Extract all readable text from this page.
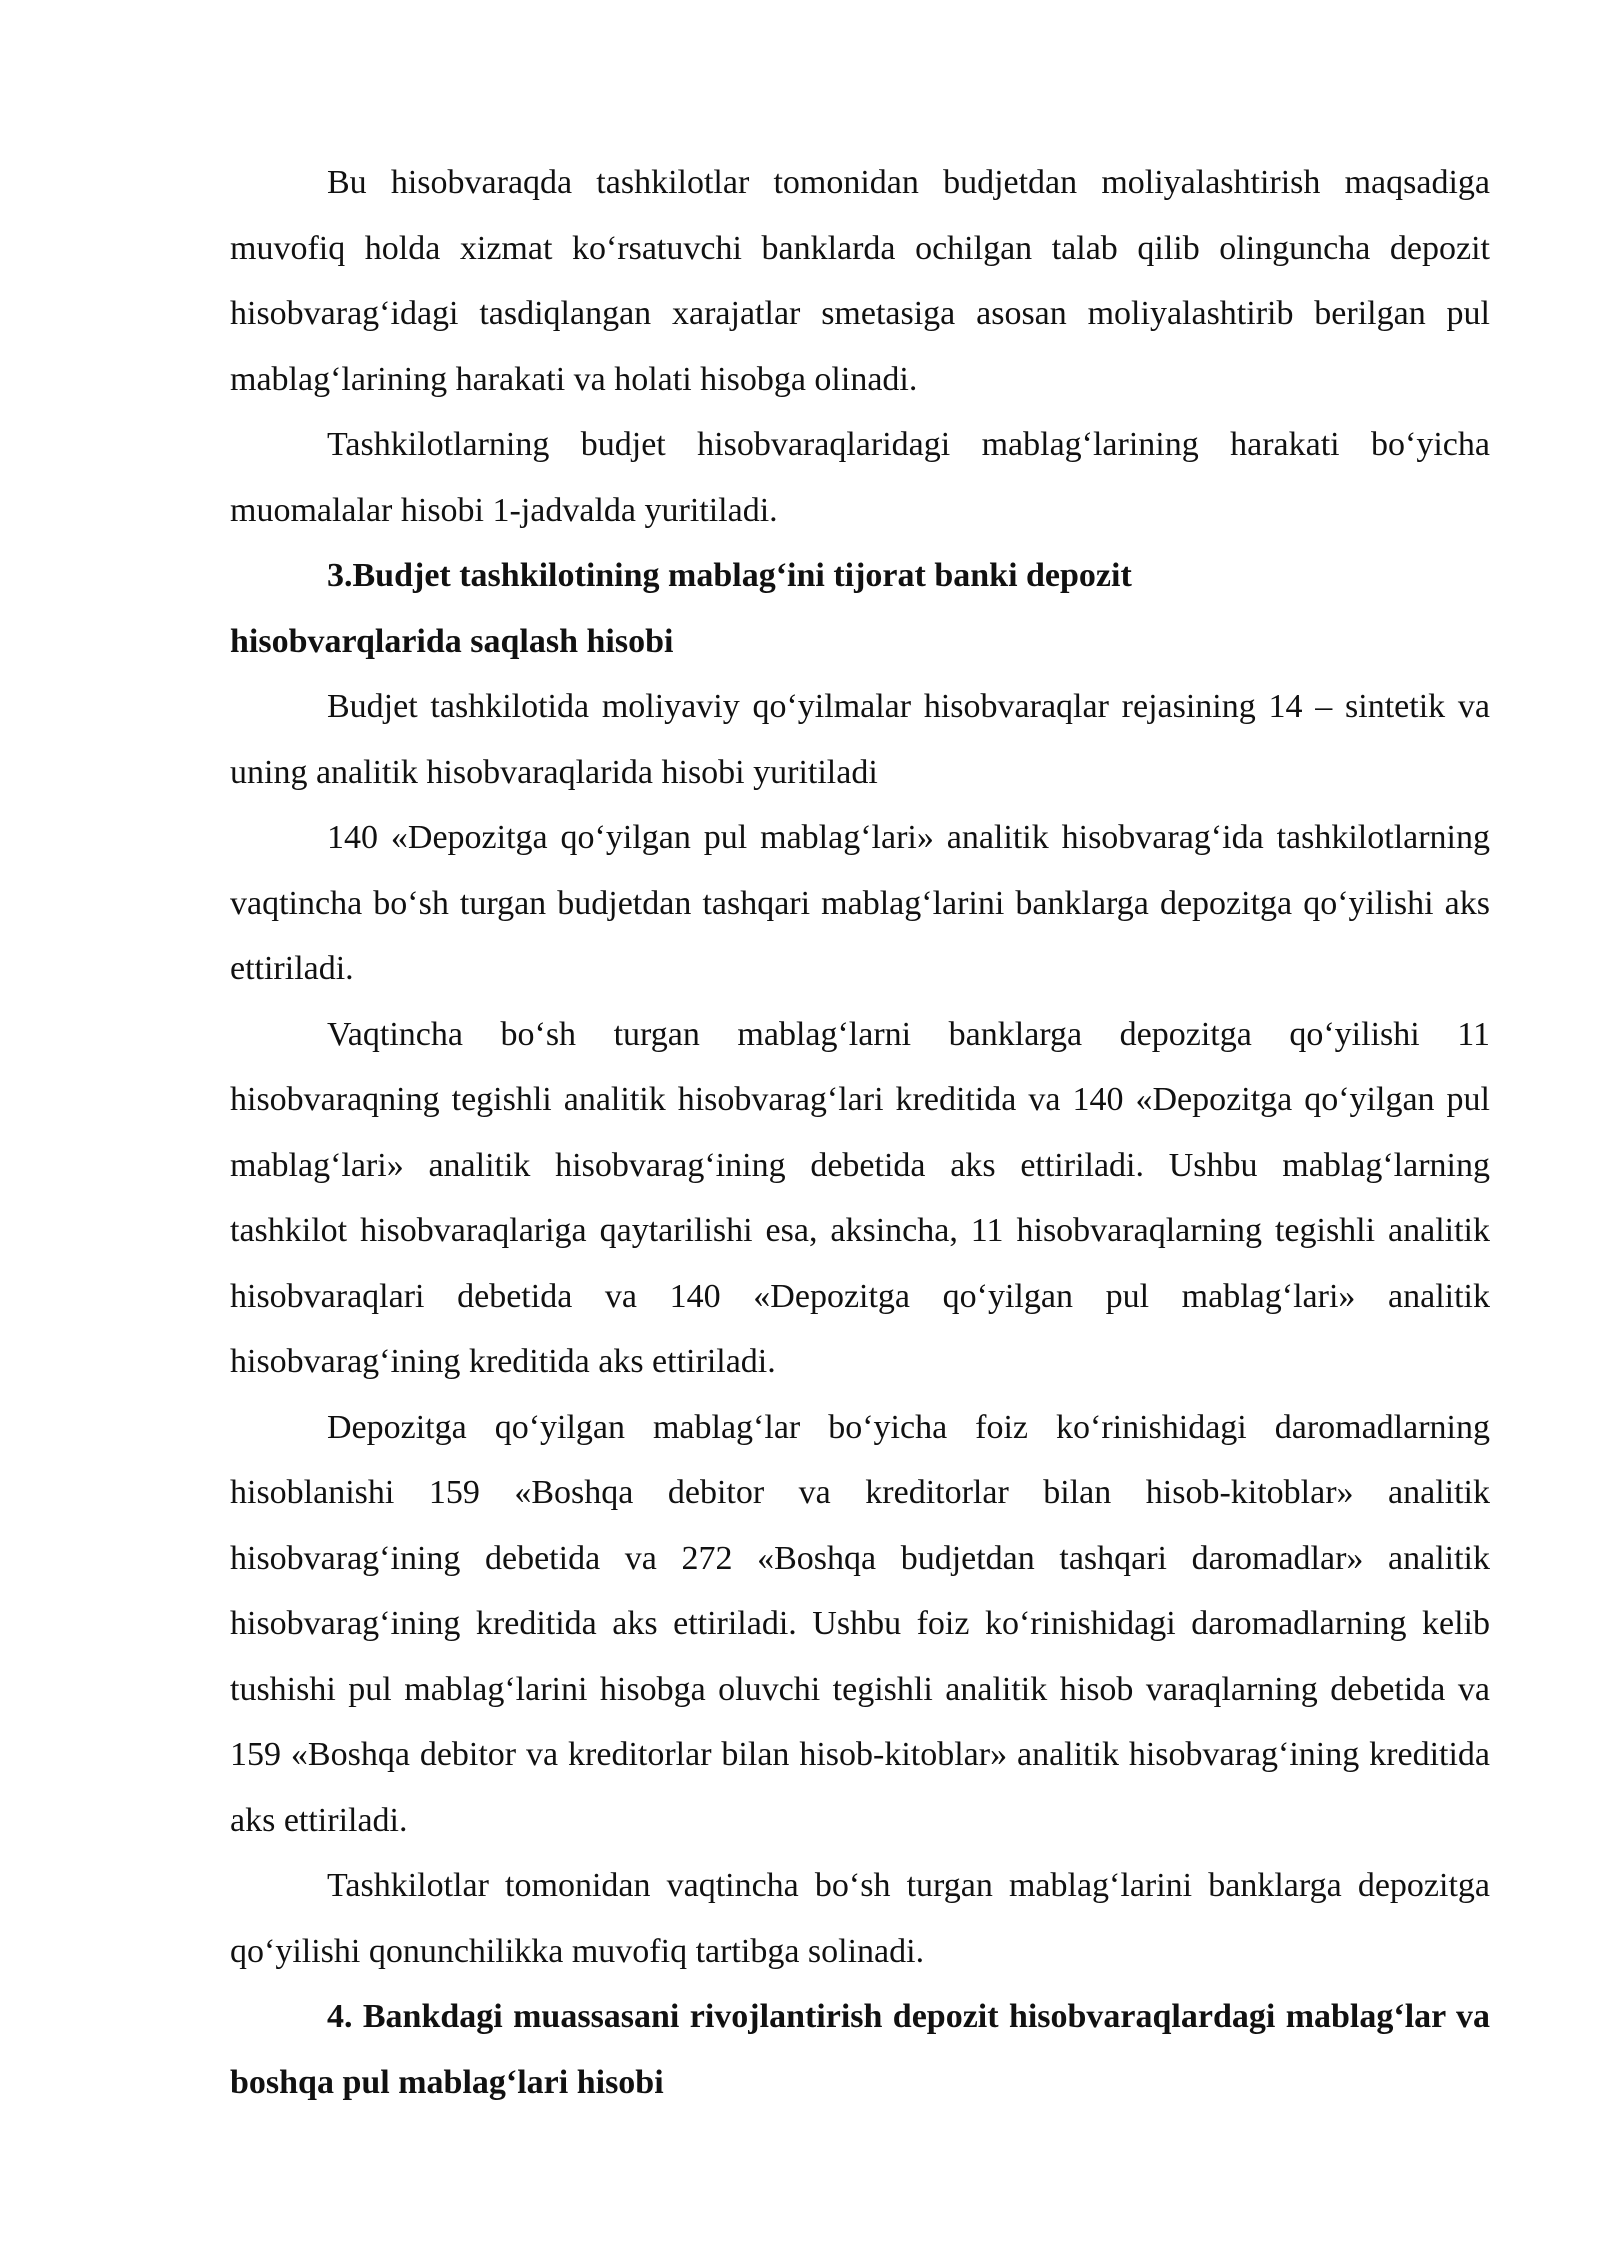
Bu hisobvaraqda tashkilotlar tomonidan budjetdan moliyalashtirish maqsadiga muvofiq holda xizmat ko‘rsatuvchi banklarda ochilgan talab qilib olinguncha depozit hisobvarag‘idagi tasdiqlangan xarajatlar smetasiga asosan moliyalashtirib berilgan pul mablag‘larining harakati va holati hisobga olinadi.

Tashkilotlarning budjet hisobvaraqlaridagi mablag‘larining harakati bo‘yicha muomalalar hisobi 1-jadvalda yuritiladi.

3.Budjet tashkilotining mablag‘ini tijorat banki depozit
hisobvarqlarida saqlash hisobi

Budjet tashkilotida moliyaviy qo‘yilmalar hisobvaraqlar rejasining 14 – sintetik va uning analitik hisobvaraqlarida hisobi yuritiladi

140 «Depozitga qo‘yilgan pul mablag‘lari» analitik hisobvarag‘ida tashkilotlarning vaqtincha bo‘sh turgan budjetdan tashqari mablag‘larini banklarga depozitga qo‘yilishi aks ettiriladi.

Vaqtincha bo‘sh turgan mablag‘larni banklarga depozitga qo‘yilishi 11 hisobvaraqning tegishli analitik hisobvarag‘lari kreditida va 140 «Depozitga qo‘yilgan pul mablag‘lari» analitik hisobvarag‘ining debetida aks ettiriladi. Ushbu mablag‘larning tashkilot hisobvaraqlariga qaytarilishi esa, aksincha, 11 hisobvaraqlarning tegishli analitik hisobvaraqlari debetida va 140 «Depozitga qo‘yilgan pul mablag‘lari» analitik hisobvarag‘ining kreditida aks ettiriladi.

Depozitga qo‘yilgan mablag‘lar bo‘yicha foiz ko‘rinishidagi daromadlarning hisoblanishi 159 «Boshqa debitor va kreditorlar bilan hisob-kitoblar» analitik hisobvarag‘ining debetida va 272 «Boshqa budjetdan tashqari daromadlar» analitik hisobvarag‘ining kreditida aks ettiriladi. Ushbu foiz ko‘rinishidagi daromadlarning kelib tushishi pul mablag‘larini hisobga oluvchi tegishli analitik hisob varaqlarning debetida va 159 «Boshqa debitor va kreditorlar bilan hisob-kitoblar» analitik hisobvarag‘ining kreditida aks ettiriladi.

Tashkilotlar tomonidan vaqtincha bo‘sh turgan mablag‘larini banklarga depozitga qo‘yilishi qonunchilikka muvofiq tartibga solinadi.

4. Bankdagi muassasani rivojlantirish depozit hisobvaraqlardagi mablag‘lar va boshqa pul mablag‘lari hisobi
